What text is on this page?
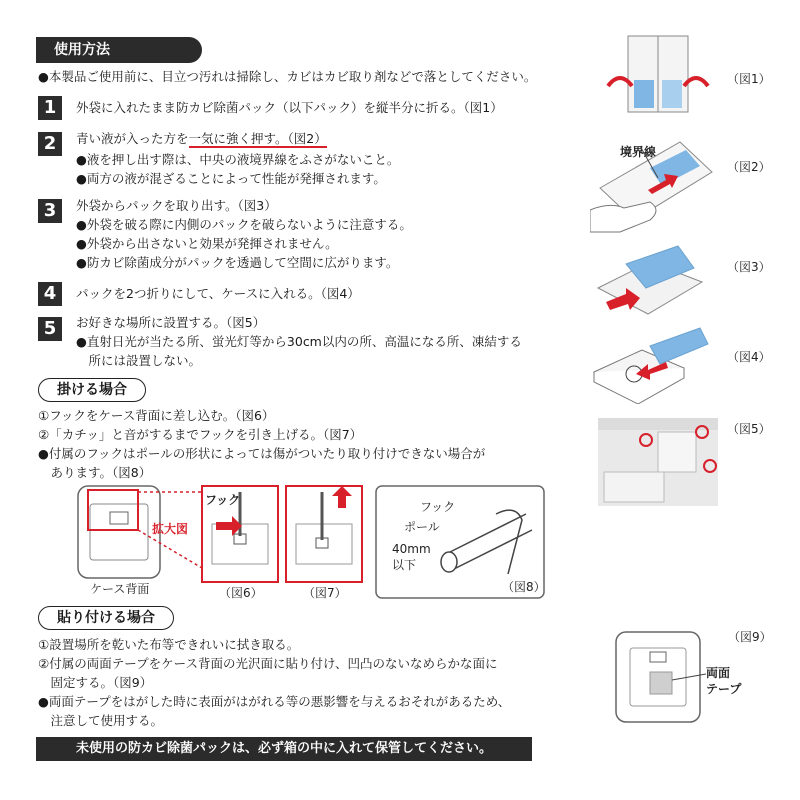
使用方法
●本製品ご使用前に、目立つ汚れは掃除し、カビはカビ取り剤などで落としてください。
1	外袋に入れたまま防カビ除菌パック（以下パック）を縦半分に折る。（図1）
2	青い液が入った方を一気に強く押す。（図2）
●液を押し出す際は、中央の液境界線をふさがないこと。
●両方の液が混ざることによって性能が発揮されます。
3	外袋からパックを取り出す。（図3）
●外袋を破る際に内側のパックを破らないように注意する。
●外袋から出さないと効果が発揮されません。
●防カビ除菌成分がパックを透過して空間に広がります。
4	パックを2つ折りにして、ケースに入れる。（図4）
5	お好きな場所に設置する。（図5）
●直射日光が当たる所、蛍光灯等から30cm以内の所、高温になる所、凍結する
　所には設置しない。
掛ける場合
①フックをケース背面に差し込む。（図6）
②「カチッ」と音がするまでフックを引き上げる。（図7）
●付属のフックはポールの形状によっては傷がついたり取り付けできない場合が
　あります。（図8）
フック
拡大図
ケース背面	（図6）	（図7）
フック
ポール
40mm
以下
（図8）
貼り付ける場合
①設置場所を乾いた布等できれいに拭き取る。
②付属の両面テープをケース背面の光沢面に貼り付け、凹凸のないなめらかな面に
　固定する。（図9）
●両面テープをはがした時に表面がはがれる等の悪影響を与えるおそれがあるため、
　注意して使用する。
未使用の防カビ除菌パックは、必ず箱の中に入れて保管してください。
（図1）
境界線
（図2）
（図3）
（図4）
（図5）
（図9）
両面
テープ
